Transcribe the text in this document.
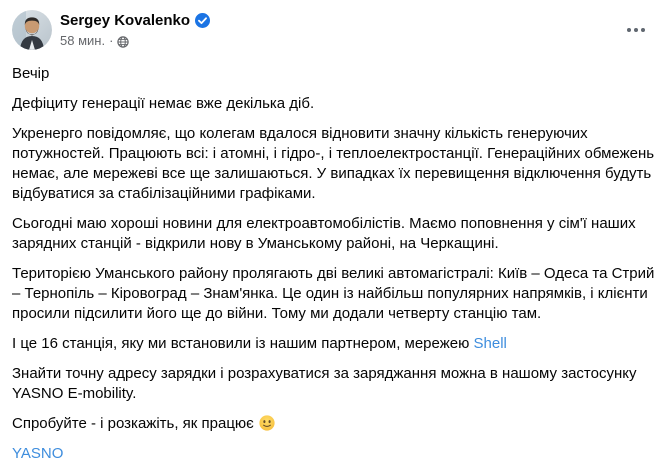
Sergey Kovalenko
58 мин. ·

Вечір

Дефіциту генерації немає вже декілька діб.

Укренерго повідомляє, що колегам вдалося відновити значну кількість генеруючих потужностей. Працюють всі: і атомні, і гідро-, і теплоелектростанції. Генераційних обмежень немає, але мережеві все ще залишаються. У випадках їх перевищення відключення будуть відбуватися за стабілізаційними графіками.

Сьогодні маю хороші новини для електроавтомобілістів. Маємо поповнення у сім'ї наших зарядних станцій - відкрили нову в Уманському районі, на Черкащині.

Територією Уманського району пролягають дві великі автомагістралі: Київ – Одеса та Стрий – Тернопіль – Кіровоград – Знам'янка. Це один із найбільш популярних напрямків, і клієнти просили підсилити його ще до війни. Тому ми додали четверту станцію там.

І це 16 станція, яку ми встановили із нашим партнером, мережею Shell

Знайти точну адресу зарядки і розрахуватися за заряджання можна в нашому застосунку YASNO E-mobility.

Спробуйте - і розкажіть, як працює

YASNO
